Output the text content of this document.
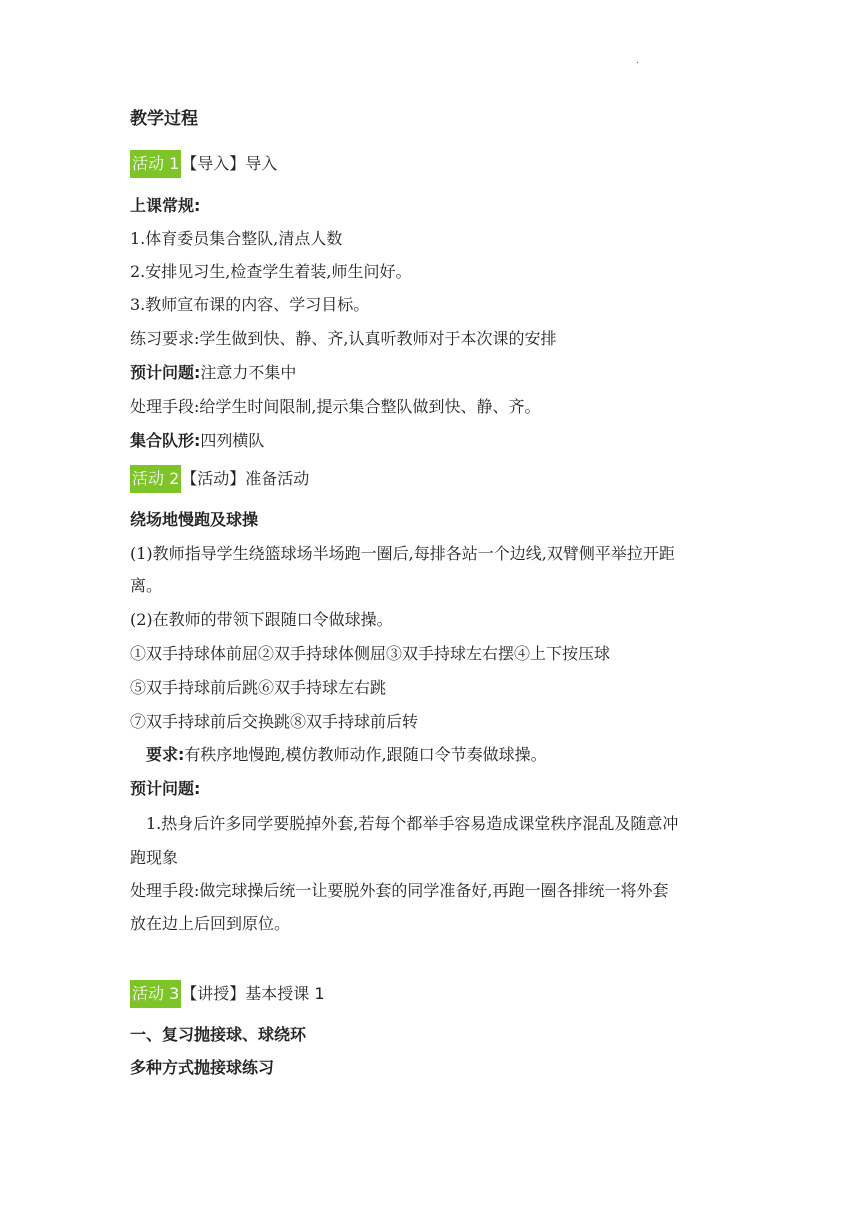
·
教学过程
活动 1 【导入】导入
上课常规:
1.体育委员集合整队,清点人数
2.安排见习生,检查学生着装,师生问好。
3.教师宣布课的内容、学习目标。
练习要求:学生做到快、静、齐,认真听教师对于本次课的安排
预计问题:注意力不集中
处理手段:给学生时间限制,提示集合整队做到快、静、齐。
集合队形:四列横队
活动 2 【活动】准备活动
绕场地慢跑及球操
(1)教师指导学生绕篮球场半场跑一圈后,每排各站一个边线,双臂侧平举拉开距
离。
(2)在教师的带领下跟随口令做球操。
①双手持球体前屈②双手持球体侧屈③双手持球左右摆④上下按压球
⑤双手持球前后跳⑥双手持球左右跳
⑦双手持球前后交换跳⑧双手持球前后转
要求:有秩序地慢跑,模仿教师动作,跟随口令节奏做球操。
预计问题:
1.热身后许多同学要脱掉外套,若每个都举手容易造成课堂秩序混乱及随意冲
跑现象
处理手段:做完球操后统一让要脱外套的同学准备好,再跑一圈各排统一将外套
放在边上后回到原位。
活动 3 【讲授】基本授课 1
一、复习抛接球、球绕环
多种方式抛接球练习
